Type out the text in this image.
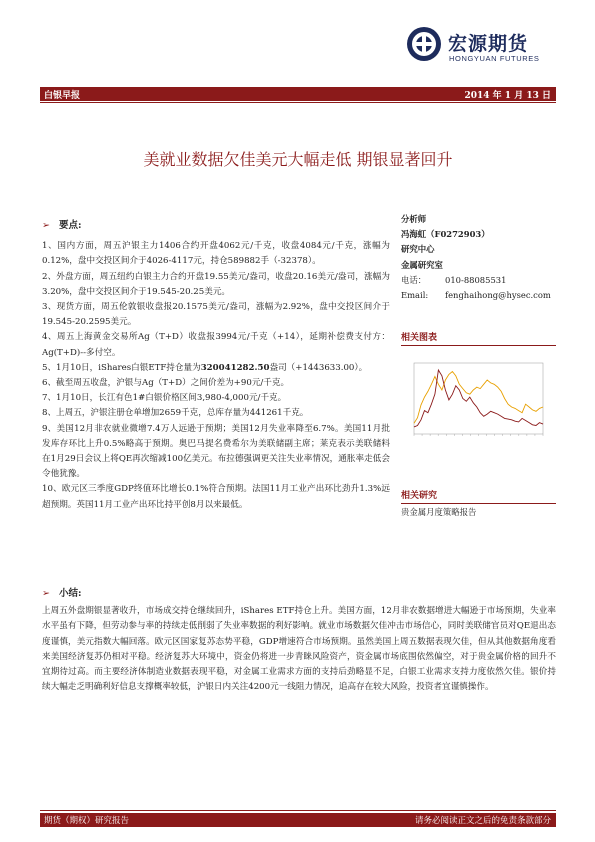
宏源期货
HONGYUAN FUTURES
白银早报	2014 年 1 月 13 日
美就业数据欠佳美元大幅走低 期银显著回升
➢ 要点:
1、国内方面，周五沪银主力1406合约开盘4062元/千克，收盘4084元/千克，涨幅为0.12%，盘中交投区间介于4026-4117元，持仓589882手（-32378）。
2、外盘方面，周五纽约白银主力合约开盘19.55美元/盎司，收盘20.16美元/盎司，涨幅为3.20%，盘中交投区间介于19.545-20.25美元。
3、现货方面，周五伦敦银收盘报20.1575美元/盎司，涨幅为2.92%，盘中交投区间介于19.545-20.2595美元。
4、周五上海黄金交易所Ag（T+D）收盘报3994元/千克（+14），延期补偿费支付方：Ag(T+D)--多付空。
5、1月10日，iShares白银ETF持仓量为320041282.50盎司（+1443633.00）。
6、截至周五收盘，沪银与Ag（T+D）之间价差为+90元/千克。
7、1月10日，长江有色1#白银价格区间3,980-4,000元/千克。
8、上周五，沪银注册仓单增加2659千克，总库存量为441261千克。
9、美国12月非农就业微增7.4万人远逊于预期；美国12月失业率降至6.7%。美国11月批发库存环比上升0.5%略高于预期。奥巴马提名费希尔为美联储副主席；莱克表示美联储料在1月29日会议上将QE再次缩减100亿美元。布拉德强调更关注失业率情况，通胀率走低会令他犹豫。
10、欧元区三季度GDP终值环比增长0.1%符合预期。法国11月工业产出环比劲升1.3%远超预期。英国11月工业产出环比持平创8月以来最低。
➢ 小结:
上周五外盘期银显著收升，市场成交持仓继续回升，iShares ETF持仓上升。美国方面，12月非农数据增进大幅逊于市场预期，失业率水平虽有下降，但劳动参与率的持续走低削弱了失业率数据的利好影响。就业市场数据欠佳冲击市场信心，同时美联储官员对QE退出态度谨慎，美元指数大幅回落。欧元区国家复苏态势平稳，GDP增速符合市场预期。虽然美国上周五数据表现欠佳，但从其他数据角度看来美国经济复苏仍相对平稳。经济复苏大环境中，资金仍将进一步青睐风险资产，资金属市场底围依然偏空，对于贵金属价格的回升不宜期待过高。而主要经济体制造业数据表现平稳，对金属工业需求方面的支持后劲略显不足，白银工业需求支持力度依然欠佳。银价持续大幅走乏明确利好信息支撑概率较低，沪银日内关注4200元一线阻力情况，追高存在较大风险，投资者宜谨慎操作。
分析师
冯海虹（F0272903）
研究中心
金属研究室
电话： 010-88085531
Email: fenghaihong@hysec.com
相关图表
相关研究
贵金属月度策略报告
期货（期权）研究报告	请务必阅读正文之后的免责条款部分
